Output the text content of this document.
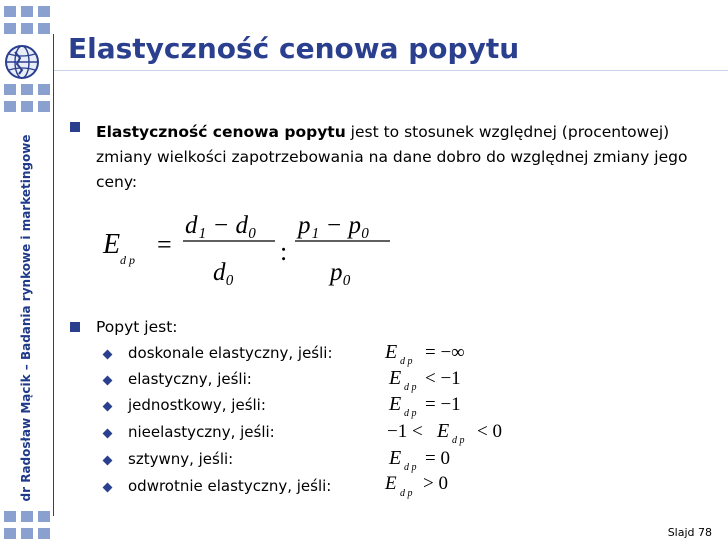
dr Radosław Mącik – Badania rynkowe i marketingowe
Elastyczność cenowa popytu
Elastyczność cenowa popytu jest to stosunek względnej (procentowej) zmiany wielkości zapotrzebowania na dane dobro do względnej zmiany jego ceny:
E d p
=
d₁ − d₀
d₀
:
p₁ − p₀
p₀
Popyt jest:
doskonale elastyczny, jeśli:	E d p = −∞
elastyczny, jeśli:	E d p < −1
jednostkowy, jeśli:	E d p = −1
nieelastyczny, jeśli:	−1 < E d p < 0
sztywny, jeśli:	E d p = 0
odwrotnie elastyczny, jeśli:	E d p > 0
Slajd 78
